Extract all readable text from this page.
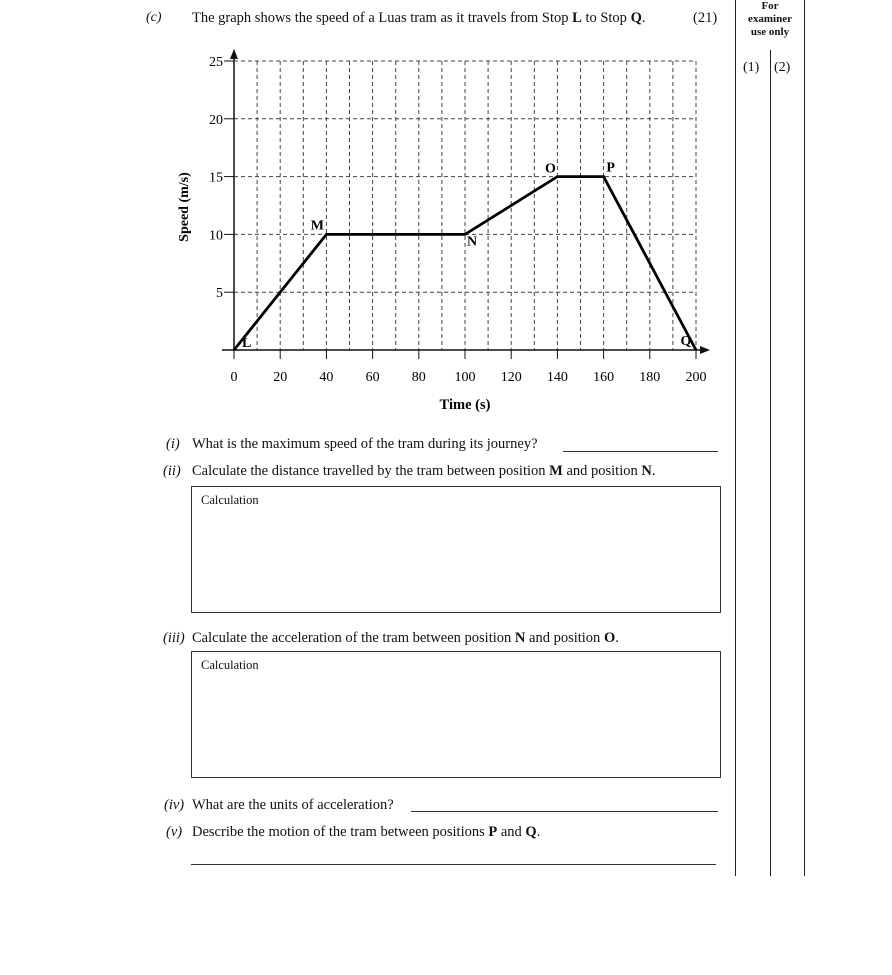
(c) The graph shows the speed of a Luas tram as it travels from Stop L to Stop Q.	(21)
For
examiner
use only
(1) (2)
0	20 40 60 80 100 120 140 160 180 200
5
10
15
20
25
L
M
N
O	P
Q
Time (s)
Speed (m/s)
(i) What is the maximum speed of the tram during its journey?
(ii) Calculate the distance travelled by the tram between position M and position N.
Calculation
(iii) Calculate the acceleration of the tram between position N and position O.
Calculation
(iv) What are the units of acceleration?
(v) Describe the motion of the tram between positions P and Q.
